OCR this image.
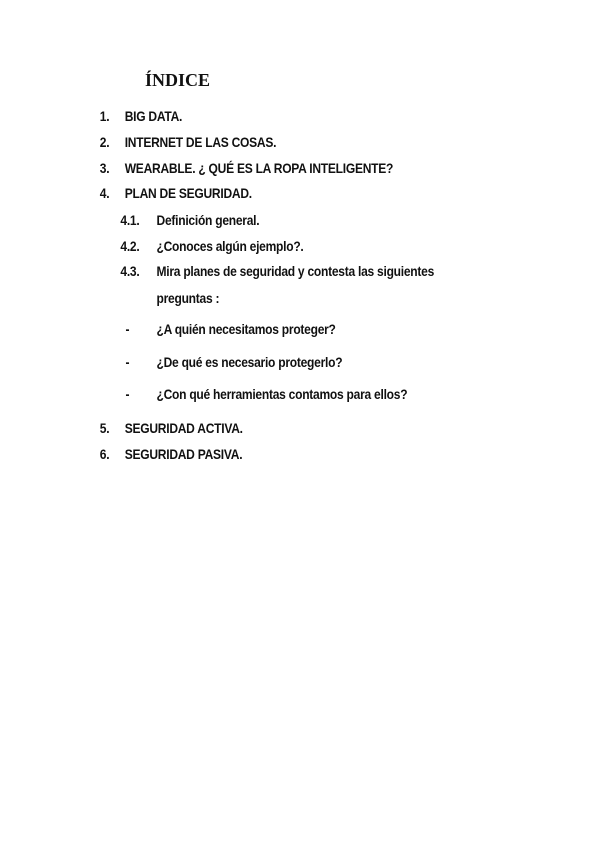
ÍNDICE
1. BIG DATA.
2. INTERNET DE LAS COSAS.
3. WEARABLE. ¿ QUÉ ES LA ROPA INTELIGENTE?
4. PLAN DE SEGURIDAD.
4.1. Definición general.
4.2. ¿Conoces algún ejemplo?.
4.3. Mira planes de seguridad y contesta las siguientes
preguntas :
- ¿A quién necesitamos proteger?
- ¿De qué es necesario protegerlo?
- ¿Con qué herramientas contamos para ellos?
5. SEGURIDAD ACTIVA.
6. SEGURIDAD PASIVA.
